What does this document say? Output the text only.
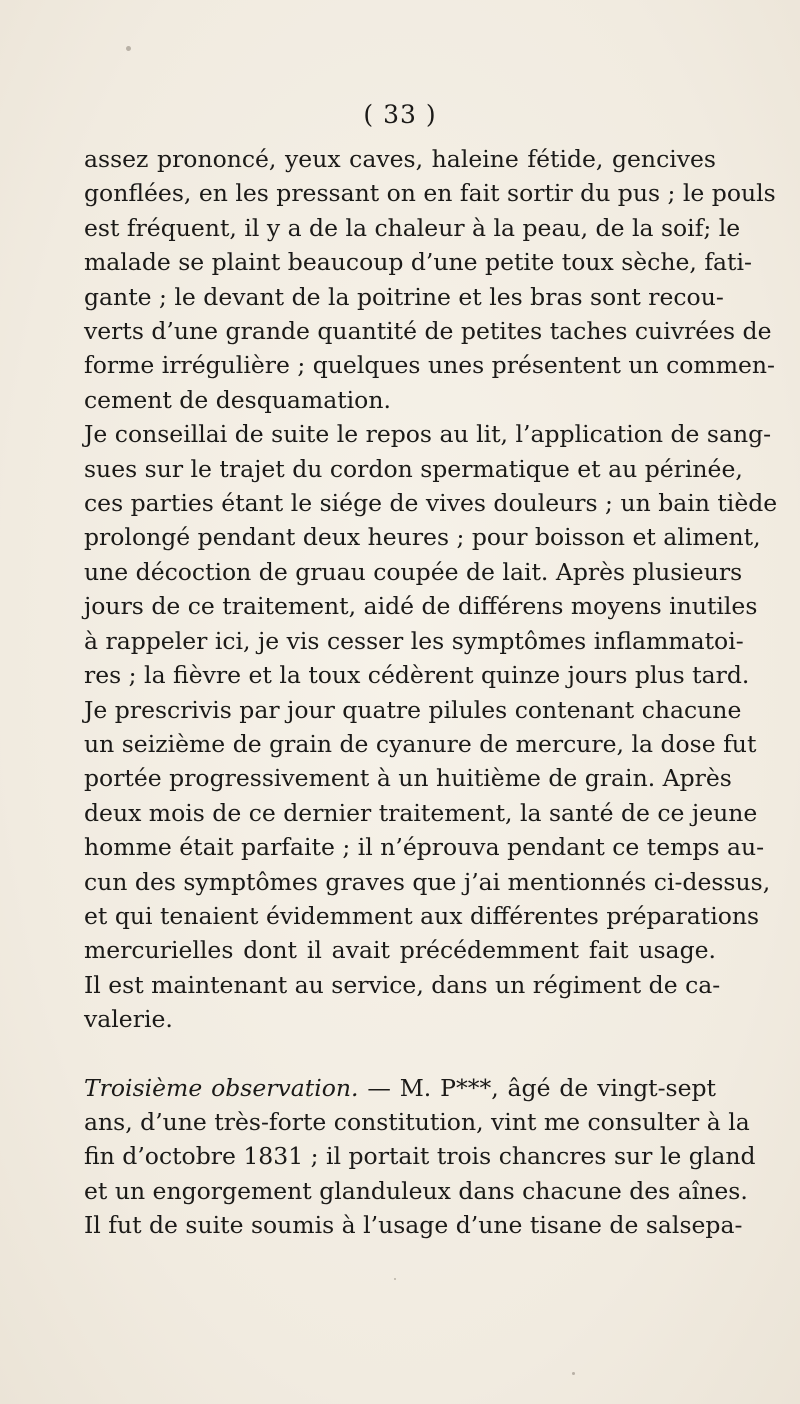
( 33 )
assez prononcé, yeux caves, haleine fétide, gencives
gonflées, en les pressant on en fait sortir du pus ; le pouls
est fréquent, il y a de la chaleur à la peau, de la soif; le
malade se plaint beaucoup d’une petite toux sèche, fati-
gante ; le devant de la poitrine et les bras sont recou-
verts d’une grande quantité de petites taches cuivrées de
forme irrégulière ; quelques unes présentent un commen-
cement de desquamation.
Je conseillai de suite le repos au lit, l’application de sang-
sues sur le trajet du cordon spermatique et au périnée,
ces parties étant le siége de vives douleurs ; un bain tiède
prolongé pendant deux heures ; pour boisson et aliment,
une décoction de gruau coupée de lait. Après plusieurs
jours de ce traitement, aidé de différens moyens inutiles
à rappeler ici, je vis cesser les symptômes inflammatoi-
res ; la fièvre et la toux cédèrent quinze jours plus tard.
Je prescrivis par jour quatre pilules contenant chacune
un seizième de grain de cyanure de mercure, la dose fut
portée progressivement à un huitième de grain. Après
deux mois de ce dernier traitement, la santé de ce jeune
homme était parfaite ; il n’éprouva pendant ce temps au-
cun des symptômes graves que j’ai mentionnés ci-dessus,
et qui tenaient évidemment aux différentes préparations
mercurielles dont il avait précédemment fait usage.
Il est maintenant au service, dans un régiment de ca-
valerie.
Troisième observation. — M. P***, âgé de vingt-sept
ans, d’une très-forte constitution, vint me consulter à la
fin d’octobre 1831 ; il portait trois chancres sur le gland
et un engorgement glanduleux dans chacune des aînes.
Il fut de suite soumis à l’usage d’une tisane de salsepa-
